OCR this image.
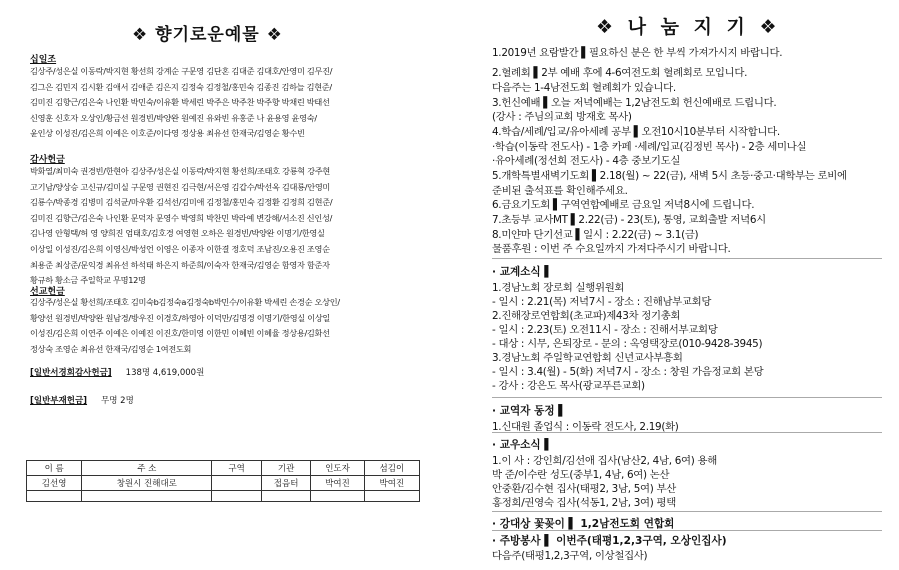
❖ 향기로운예물 ❖
십일조
김상주/성은실 이동락/박지현 황선희 강계순 구문영 김단혼 김대준 김대호/안영미 김무진/
김그은 김민지 김시환 김애서 김애준 김은지 김정숙 김정철/홍민숙 김종진 김하늘 김현준/
김미진 김향근/김은숙 나인환 박민숙/이유환 박세린 박주은 박주찬 박주향 박채린 박태선
신영훈 신호자 오상인/황금선 원경빈/박양완 원예진 유와빈 유홍준 나 윤용영 윤영숙/
윤인상 이성진/김은희 이예은 이호준/이다영 정상용 최유선 한재국/김영순 황수빈
감사헌금
박화열/최미숙 권경빈/한현아 김상주/성은실 이동락/박지현 황선희/조태호 강룡혁 강주현
고기남/양상승 고신규/김미실 구문영 권현진 김극현/서은영 김갑수/박선옥 김대룡/안영미
김룡수/박종경 김병미 김석균/마우환 김석선/김미애 김정철/홍민숙 김정환 김정희 김현준/
김미진 김향근/김은숙 나인환 문덕자 문영수 박영희 박찬민 박라예 변강해/서소진 신인성/
김나영 안형택/허 영 양희진 엄태호/김호경 여영현 오하은 원경빈/박양완 이명기/한영실
이상일 이성진/김은희 이영신/박성언 이영은 이종자 이한결 정호덕 조남진/오용진 조영순
최용준 최상준/문익경 최유선 하석태 하은지 하준희/이숙자 한재국/김영순 함영자 함준자
황규하 황소금 주일학교 무명12명
선교헌금
김상주/성은실 황선희/조태호 김미숙b김정숙a김정숙b박민수/이유환 박세린 손경순 오상인/
황양선 원경빈/박양완 원남경/방우진 이경호/하영아 이덕만/김명경 이명기/한영실 이상일
이성진/김은희 이연주 이예은 이예진 이진호/한미영 이한민 이혜빈 이혜율 정상용/김화선
정상숙 조영순 최유선 한재국/김영순 1여전도회
[일반서경회감사헌금] 138명 4,619,000원
[일반부재헌금] 무명 2명
이 름	주 소	구역	기관	인도자	섬김이
김선영	창원시 진해대로		접음터	박여진	박여진

❖ 나 눔 지 기 ❖
1.2019년 요람발간 ▌필요하신 분은 한 부씩 가져가시지 바랍니다.
2.혈례회 ▌2부 예배 후에 4-6여전도회 혈례회로 모입니다.
다음주는 1-4남전도회 혈례회가 있습니다.
3.헌신예배 ▌오늘 저녁예배는 1,2남전도회 헌신예배로 드립니다.
(강사 : 주님의교회 방재호 목사)
4.학습/세례/입교/유아세례 공부 ▌오전10시10분부터 시작합니다.
·학습(이동락 전도사) - 1층 카페 ·세례/입교(김정빈 목사) - 2층 세미나실
·유아세례(정선희 전도사) - 4층 중보기도실
5.개학특별새벽기도회 ▌2.18(월) ~ 22(금), 새벽 5시 초등·중고·대학부는 로비에
준비된 출석표를 확인해주세요.
6.금요기도회 ▌구역연합예배로 금요일 저녁8시에 드립니다.
7.초등부 교사MT ▌2.22(금) - 23(토), 통영, 교회출발 저녁6시
8.미얀마 단기선교 ▌일시 : 2.22(금) ~ 3.1(금)
물품후원 : 이번 주 수요일까지 가져다주시기 바랍니다.
· 교계소식 ▌
1.경남노회 장로회 실행위원회
- 일시 : 2.21(목) 저녁7시 - 장소 : 진해남부교회당
2.진해장로연합회(초교파)제43차 정기총회
- 일시 : 2.23(토) 오전11시 - 장소 : 진해서부교회당
- 대상 : 시무, 은퇴장로 - 문의 : 옥영택장로(010-9428-3945)
3.경남노회 주일학교연합회 신년교사부흥회
- 일시 : 3.4(월) - 5(화) 저녁7시 - 장소 : 창원 가음정교회 본당
- 강사 : 강은도 목사(광교푸른교회)
· 교역자 동정 ▌
1.신대원 졸업식 : 이동락 전도사, 2.19(화)
· 교우소식 ▌
1.이 사 : 강인희/김선애 집사(남산2, 4남, 6여) 용해
박 준/이수란 성도(중부1, 4남, 6여) 논산
안중환/김수현 집사(태평2, 3남, 5여) 부산
홍정희/권영숙 집사(석동1, 2남, 3여) 평택
· 강대상 꽃꽂이 ▌ 1,2남전도회 연합회
· 주방봉사 ▌ 이번주(태평1,2,3구역, 오상인집사)
다음주(태평1,2,3구역, 이상철집사)
